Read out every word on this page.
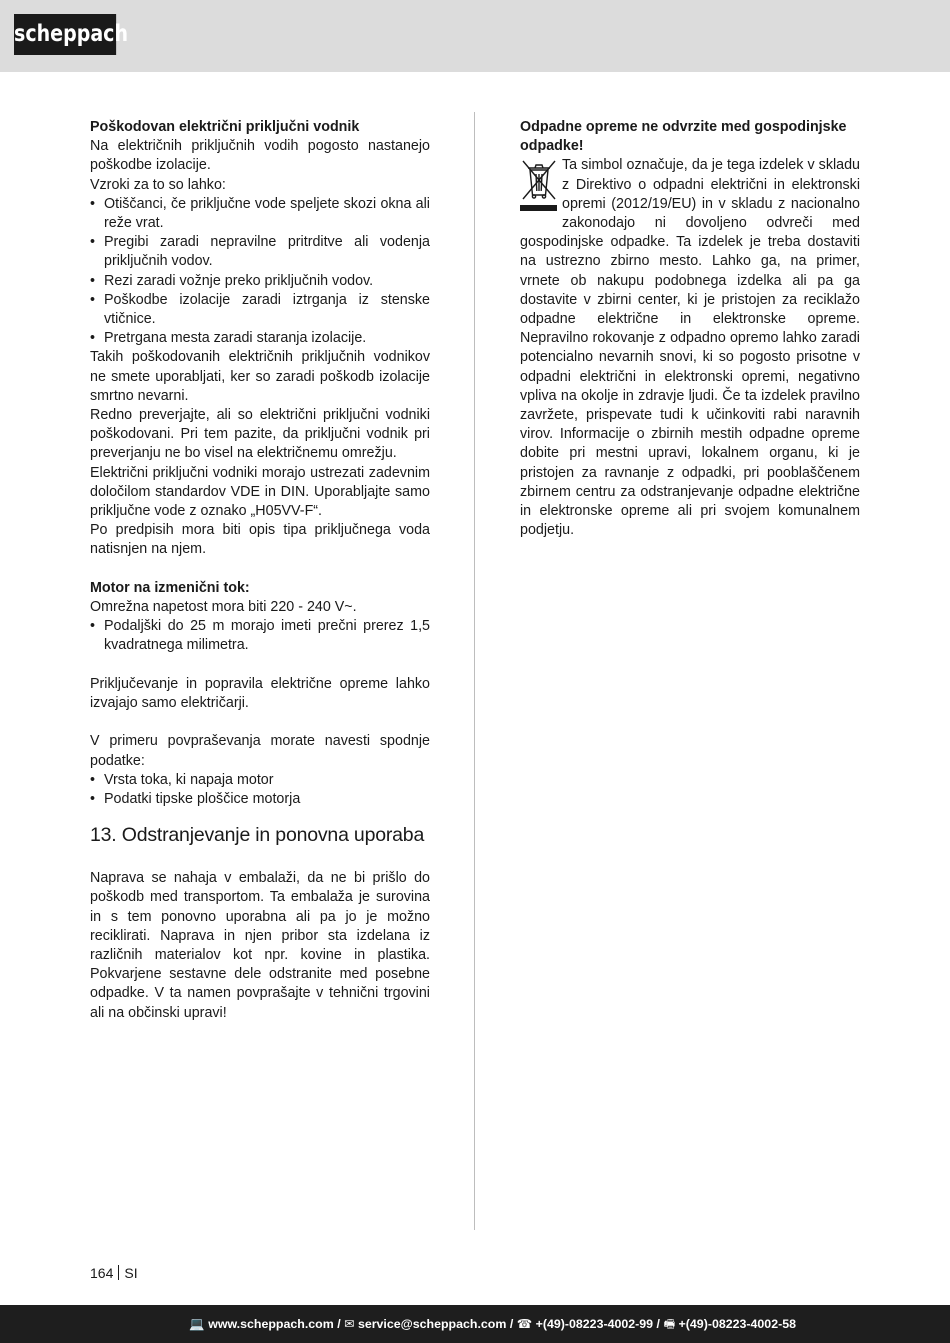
scheppach

Poškodovan električni priključni vodnik

Na električnih priključnih vodih pogosto nastanejo poškodbe izolacije.

Vzroki za to so lahko:

• Otiščanci, če priključne vode speljete skozi okna ali reže vrat.
• Pregibi zaradi nepravilne pritrditve ali vodenja priključnih vodov.
• Rezi zaradi vožnje preko priključnih vodov.
• Poškodbe izolacije zaradi iztrganja iz stenske vtičnice.
• Pretrgana mesta zaradi staranja izolacije.

Takih poškodovanih električnih priključnih vodnikov ne smete uporabljati, ker so zaradi poškodb izolacije smrtno nevarni.

Redno preverjajte, ali so električni priključni vodniki poškodovani. Pri tem pazite, da priključni vodnik pri preverjanju ne bo visel na električnemu omrežju.

Električni priključni vodniki morajo ustrezati zadevnim določilom standardov VDE in DIN. Uporabljajte samo priključne vode z oznako „H05VV-F“.

Po predpisih mora biti opis tipa priključnega voda natisnjen na njem.

Motor na izmenični tok:

Omrežna napetost mora biti 220 - 240 V~.

• Podaljški do 25 m morajo imeti prečni prerez 1,5 kvadratnega milimetra.

Priključevanje in popravila električne opreme lahko izvajajo samo električarji.

V primeru povpraševanja morate navesti spodnje podatke:

• Vrsta toka, ki napaja motor
• Podatki tipske ploščice motorja
13. Odstranjevanje in ponovna uporaba

Naprava se nahaja v embalaži, da ne bi prišlo do poškodb med transportom. Ta embalaža je surovina in s tem ponovno uporabna ali pa jo je možno reciklirati. Naprava in njen pribor sta izdelana iz različnih materialov kot npr. kovine in plastika. Pokvarjene sestavne dele odstranite med posebne odpadke. V ta namen povprašajte v tehnični trgovini ali na občinski upravi!

Odpadne opreme ne odvrzite med gospodinjske odpadke!

Ta simbol označuje, da je tega izdelek v skladu z Direktivo o odpadni električni in elektronski opremi (2012/19/EU) in v skladu z nacionalno zakonodajo ni dovoljeno odvreči med gospodinjske odpadke. Ta izdelek je treba dostaviti na ustrezno zbirno mesto. Lahko ga, na primer, vrnete ob nakupu podobnega izdelka ali pa ga dostavite v zbirni center, ki je pristojen za reciklažo odpadne električne in elektronske opreme. Nepravilno rokovanje z odpadno opremo lahko zaradi potencialno nevarnih snovi, ki so pogosto prisotne v odpadni električni in elektronski opremi, negativno vpliva na okolje in zdravje ljudi. Če ta izdelek pravilno zavržete, prispevate tudi k učinkoviti rabi naravnih virov. Informacije o zbirnih mestih odpadne opreme dobite pri mestni upravi, lokalnem organu, ki je pristojen za ravnanje z odpadki, pri pooblaščenem zbirnem centru za odstranjevanje odpadne električne in elektronske opreme ali pri svojem komunalnem podjetju.

164 SI
💻 www.scheppach.com / ✉ service@scheppach.com / ☎ +(49)-08223-4002-99 / 🖷 +(49)-08223-4002-58
